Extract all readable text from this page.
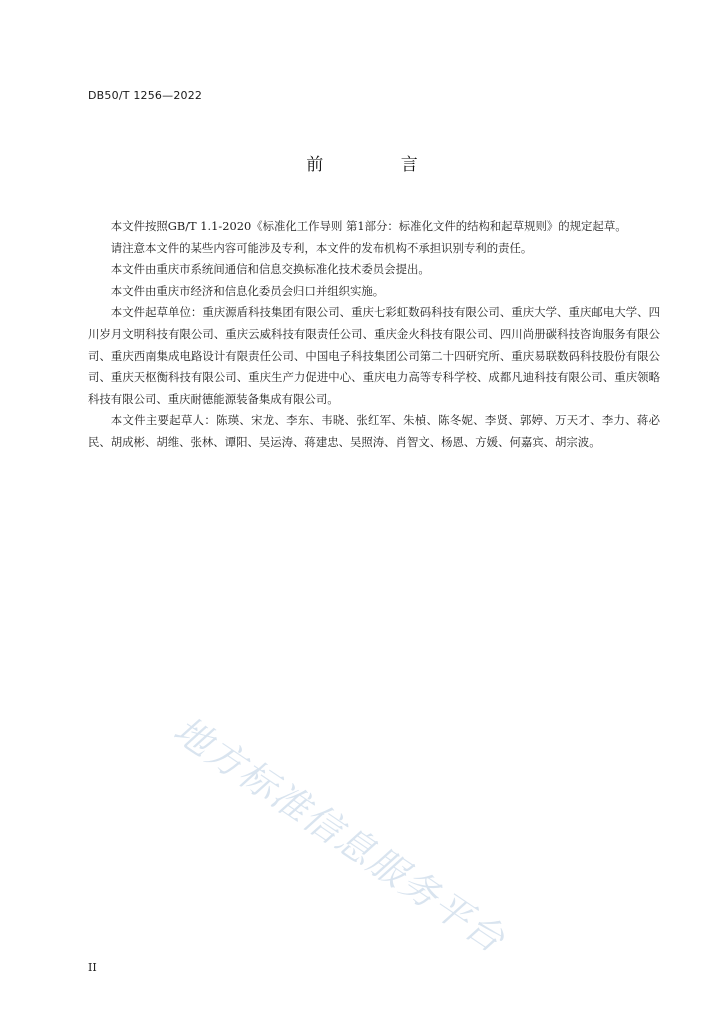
DB50/T 1256—2022
前 言

本文件按照GB/T 1.1-2020《标准化工作导则 第1部分：标准化文件的结构和起草规则》的规定起草。

请注意本文件的某些内容可能涉及专利，本文件的发布机构不承担识别专利的责任。

本文件由重庆市系统间通信和信息交换标准化技术委员会提出。

本文件由重庆市经济和信息化委员会归口并组织实施。

本文件起草单位：重庆源盾科技集团有限公司、重庆七彩虹数码科技有限公司、重庆大学、重庆邮电大学、四川岁月文明科技有限公司、重庆云威科技有限责任公司、重庆金火科技有限公司、四川尚册碳科技咨询服务有限公司、重庆西南集成电路设计有限责任公司、中国电子科技集团公司第二十四研究所、重庆易联数码科技股份有限公司、重庆天枢衡科技有限公司、重庆生产力促进中心、重庆电力高等专科学校、成都凡迪科技有限公司、重庆领略科技有限公司、重庆耐德能源装备集成有限公司。

本文件主要起草人：陈瑛、宋龙、李东、韦晓、张红军、朱楨、陈冬妮、李贤、郭婷、万天才、李力、蒋必民、胡成彬、胡维、张林、谭阳、吴运涛、蒋建忠、吴照涛、肖智文、杨恩、方媛、何嘉宾、胡宗波。

地方标准信息服务平台
II
